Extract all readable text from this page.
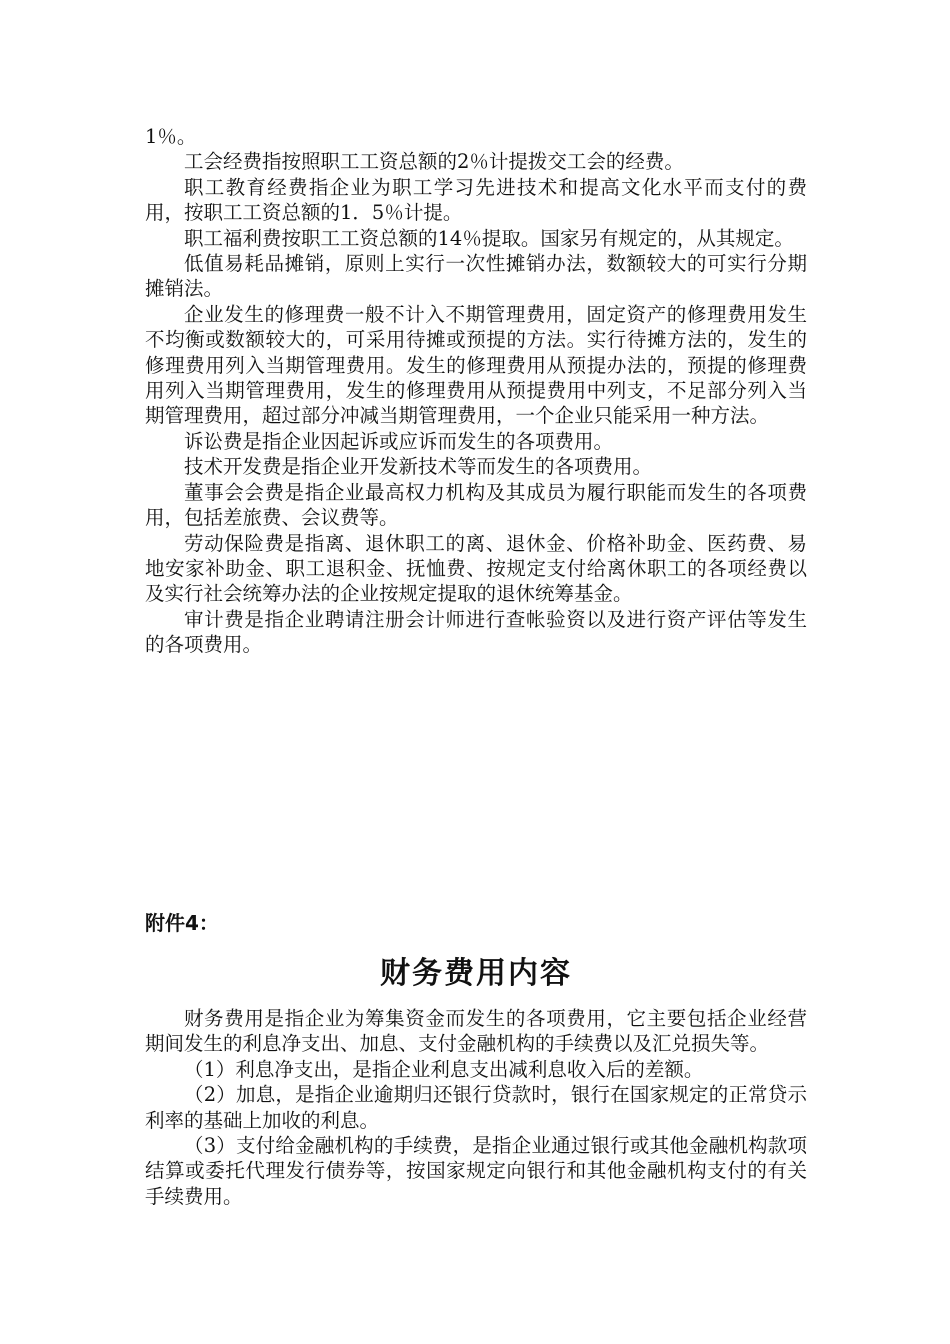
1％。

工会经费指按照职工工资总额的2％计提拨交工会的经费。

职工教育经费指企业为职工学习先进技术和提高文化水平而支付的费用，按职工工资总额的1．5％计提。

职工福利费按职工工资总额的14％提取。国家另有规定的，从其规定。

低值易耗品摊销，原则上实行一次性摊销办法，数额较大的可实行分期摊销法。

企业发生的修理费一般不计入不期管理费用，固定资产的修理费用发生不均衡或数额较大的，可采用待摊或预提的方法。实行待摊方法的，发生的修理费用列入当期管理费用。发生的修理费用从预提办法的，预提的修理费用列入当期管理费用，发生的修理费用从预提费用中列支，不足部分列入当期管理费用，超过部分冲减当期管理费用，一个企业只能采用一种方法。

诉讼费是指企业因起诉或应诉而发生的各项费用。

技术开发费是指企业开发新技术等而发生的各项费用。

董事会会费是指企业最高权力机构及其成员为履行职能而发生的各项费用，包括差旅费、会议费等。

劳动保险费是指离、退休职工的离、退休金、价格补助金、医药费、易地安家补助金、职工退积金、抚恤费、按规定支付给离休职工的各项经费以及实行社会统筹办法的企业按规定提取的退休统筹基金。

审计费是指企业聘请注册会计师进行查帐验资以及进行资产评估等发生的各项费用。

附件4：
财务费用内容

财务费用是指企业为筹集资金而发生的各项费用，它主要包括企业经营期间发生的利息净支出、加息、支付金融机构的手续费以及汇兑损失等。

（1）利息净支出，是指企业利息支出减利息收入后的差额。

（2）加息，是指企业逾期归还银行贷款时，银行在国家规定的正常贷示利率的基础上加收的利息。

（3）支付给金融机构的手续费，是指企业通过银行或其他金融机构款项结算或委托代理发行债券等，按国家规定向银行和其他金融机构支付的有关手续费用。
